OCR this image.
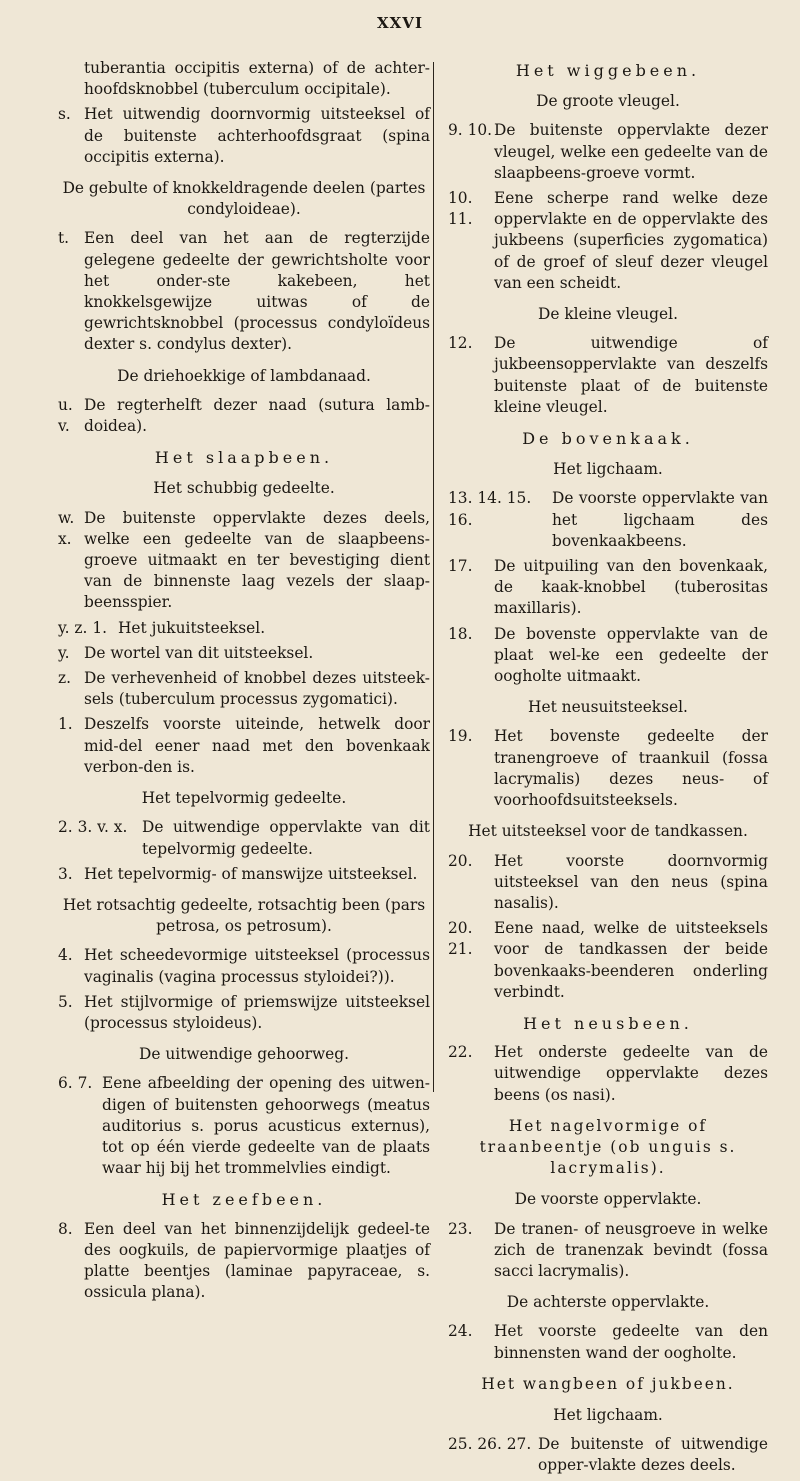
XXVI
tuberantia occipitis externa) of de achter-hoofdsknobbel (tuberculum occipitale).
s. Het uitwendig doornvormig uitsteeksel of de buitenste achterhoofdsgraat (spina occipitis externa).
De gebulte of knokkeldragende deelen (partes condyloideae).
t. Een deel van het aan de regterzijde gelegene gedeelte der gewrichtsholte voor het onder-ste kakebeen, het knokkelsgewijze uitwas of de gewrichtsknobbel (processus condyloïdeus dexter s. condylus dexter).
De driehoekkige of lambdanaad.
u. v.
De regterhelft dezer naad (sutura lamb-doidea).
Het slaapbeen.
Het schubbig gedeelte.
w. x.
De buitenste oppervlakte dezes deels, welke een gedeelte van de slaapbeens-groeve uitmaakt en ter bevestiging dient van de binnenste laag vezels der slaap-beensspier.
y. z. 1. Het jukuitsteeksel.
y. De wortel van dit uitsteeksel.
z. De verhevenheid of knobbel dezes uitsteek-sels (tuberculum processus zygomatici).
1. Deszelfs voorste uiteinde, hetwelk door mid-del eener naad met den bovenkaak verbon-den is.
Het tepelvormig gedeelte.
2. 3. v. x. De uitwendige oppervlakte van dit tepelvormig gedeelte.
3. Het tepelvormig- of manswijze uitsteeksel.
Het rotsachtig gedeelte, rotsachtig been (pars petrosa, os petrosum).
4. Het scheedevormige uitsteeksel (processus vaginalis (vagina processus styloidei?)).
5. Het stijlvormige of priemswijze uitsteeksel (processus styloideus).
De uitwendige gehoorweg.
6. 7. Eene afbeelding der opening des uitwen-digen of buitensten gehoorwegs (meatus auditorius s. porus acusticus externus), tot op één vierde gedeelte van de plaats waar hij bij het trommelvlies eindigt.
Het zeefbeen.
8. Een deel van het binnenzijdelijk gedeel-te des oogkuils, de papiervormige plaatjes of platte beentjes (laminae papyraceae, s. ossicula plana).
Het wiggebeen.
De groote vleugel.
9. 10. De buitenste oppervlakte dezer vleugel, welke een gedeelte van de slaapbeens-groeve vormt.
10. 11.
Eene scherpe rand welke deze oppervlakte en de oppervlakte des jukbeens (superficies zygomatica) of de groef of sleuf dezer vleugel van een scheidt.
De kleine vleugel.
12.	De uitwendige of jukbeensoppervlakte van deszelfs buitenste plaat of de buitenste kleine vleugel.
De bovenkaak.
Het ligchaam.
13. 14. 15. 16.
De voorste oppervlakte van het ligchaam des bovenkaakbeens.
17.	De uitpuiling van den bovenkaak, de kaak-knobbel (tuberositas maxillaris).
18.	De bovenste oppervlakte van de plaat wel-ke een gedeelte der oogholte uitmaakt.
Het neusuitsteeksel.
19.	Het bovenste gedeelte der tranengroeve of traankuil (fossa lacrymalis) dezes neus- of voorhoofdsuitsteeksels.
Het uitsteeksel voor de tandkassen.
20.	Het voorste doornvormig uitsteeksel van den neus (spina nasalis).
20. 21.
Eene naad, welke de uitsteeksels voor de tandkassen der beide bovenkaaks-beenderen onderling verbindt.
Het neusbeen.
22.	Het onderste gedeelte van de uitwendige oppervlakte dezes beens (os nasi).
Het nagelvormige of traanbeentje (ob unguis s. lacrymalis).
De voorste oppervlakte.
23.	De tranen- of neusgroeve in welke zich de tranenzak bevindt (fossa sacci lacrymalis).
De achterste oppervlakte.
24.	Het voorste gedeelte van den binnensten wand der oogholte.
Het wangbeen of jukbeen.
Het ligchaam.
25. 26. 27. De buitenste of uitwendige opper-vlakte dezes deels.
